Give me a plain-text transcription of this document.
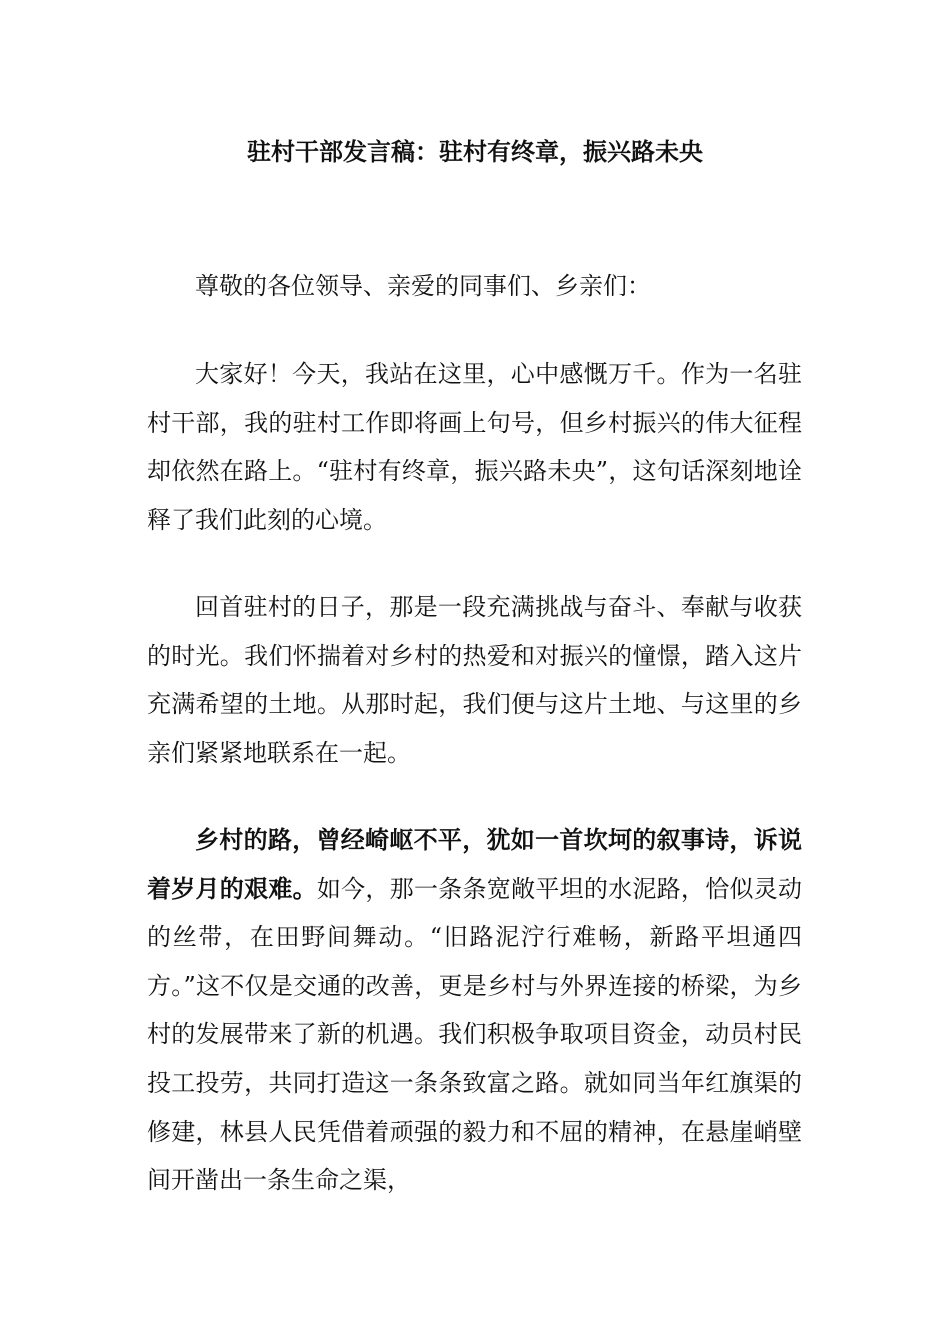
驻村干部发言稿：驻村有终章，振兴路未央

尊敬的各位领导、亲爱的同事们、乡亲们：

大家好！今天，我站在这里，心中感慨万千。作为一名驻村干部，我的驻村工作即将画上句号，但乡村振兴的伟大征程却依然在路上。“驻村有终章，振兴路未央”，这句话深刻地诠释了我们此刻的心境。

回首驻村的日子，那是一段充满挑战与奋斗、奉献与收获的时光。我们怀揣着对乡村的热爱和对振兴的憧憬，踏入这片充满希望的土地。从那时起，我们便与这片土地、与这里的乡亲们紧紧地联系在一起。

乡村的路，曾经崎岖不平，犹如一首坎坷的叙事诗，诉说着岁月的艰难。如今，那一条条宽敞平坦的水泥路，恰似灵动的丝带，在田野间舞动。“旧路泥泞行难畅，新路平坦通四方。”这不仅是交通的改善，更是乡村与外界连接的桥梁，为乡村的发展带来了新的机遇。我们积极争取项目资金，动员村民投工投劳，共同打造这一条条致富之路。就如同当年红旗渠的修建，林县人民凭借着顽强的毅力和不屈的精神，在悬崖峭壁间开凿出一条生命之渠，
